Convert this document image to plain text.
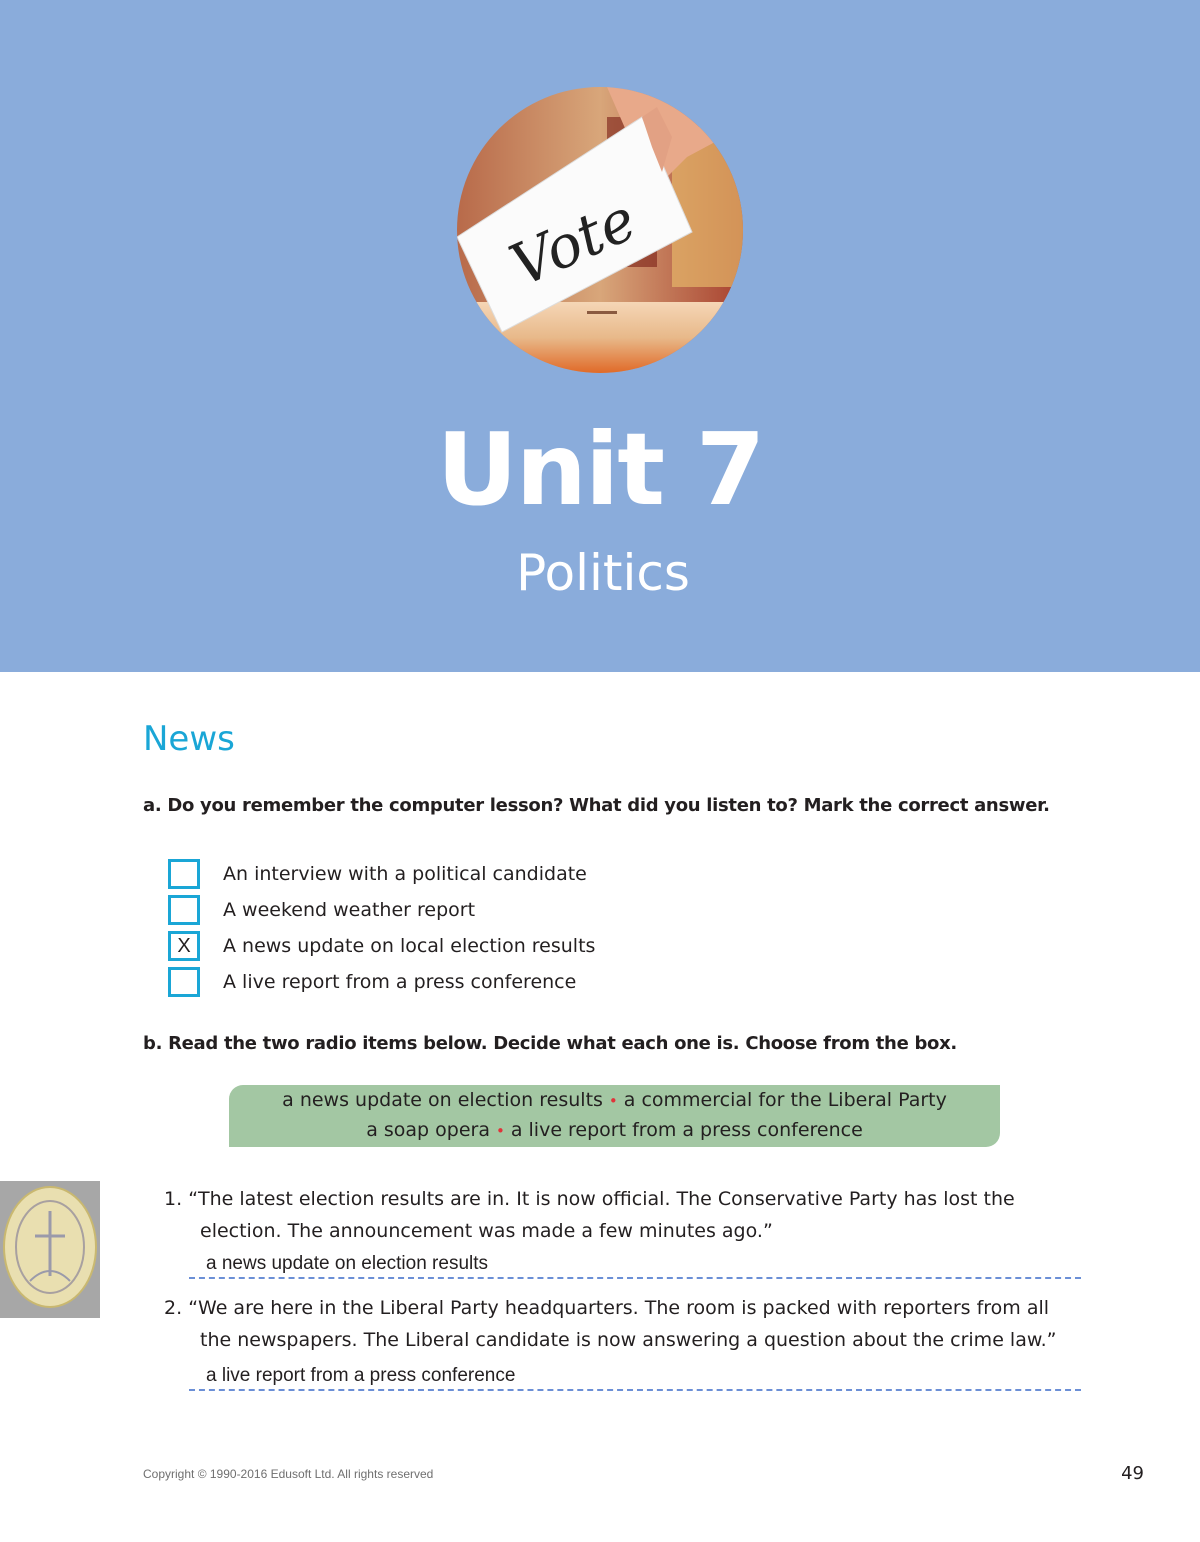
Vote
Unit 7
Politics
News
a. Do you remember the computer lesson? What did you listen to? Mark the correct answer.
An interview with a political candidate
A weekend weather report
X	A news update on local election results
A live report from a press conference
b. Read the two radio items below. Decide what each one is. Choose from the box.
a news update on election results • a commercial for the Liberal Party
a soap opera • a live report from a press conference
1. “The latest election results are in. It is now official. The Conservative Party has lost the
election. The announcement was made a few minutes ago.”
a news update on election results
2. “We are here in the Liberal Party headquarters. The room is packed with reporters from all
the newspapers. The Liberal candidate is now answering a question about the crime law.”
a live report from a press conference
Copyright © 1990-2016 Edusoft Ltd. All rights reserved	49
